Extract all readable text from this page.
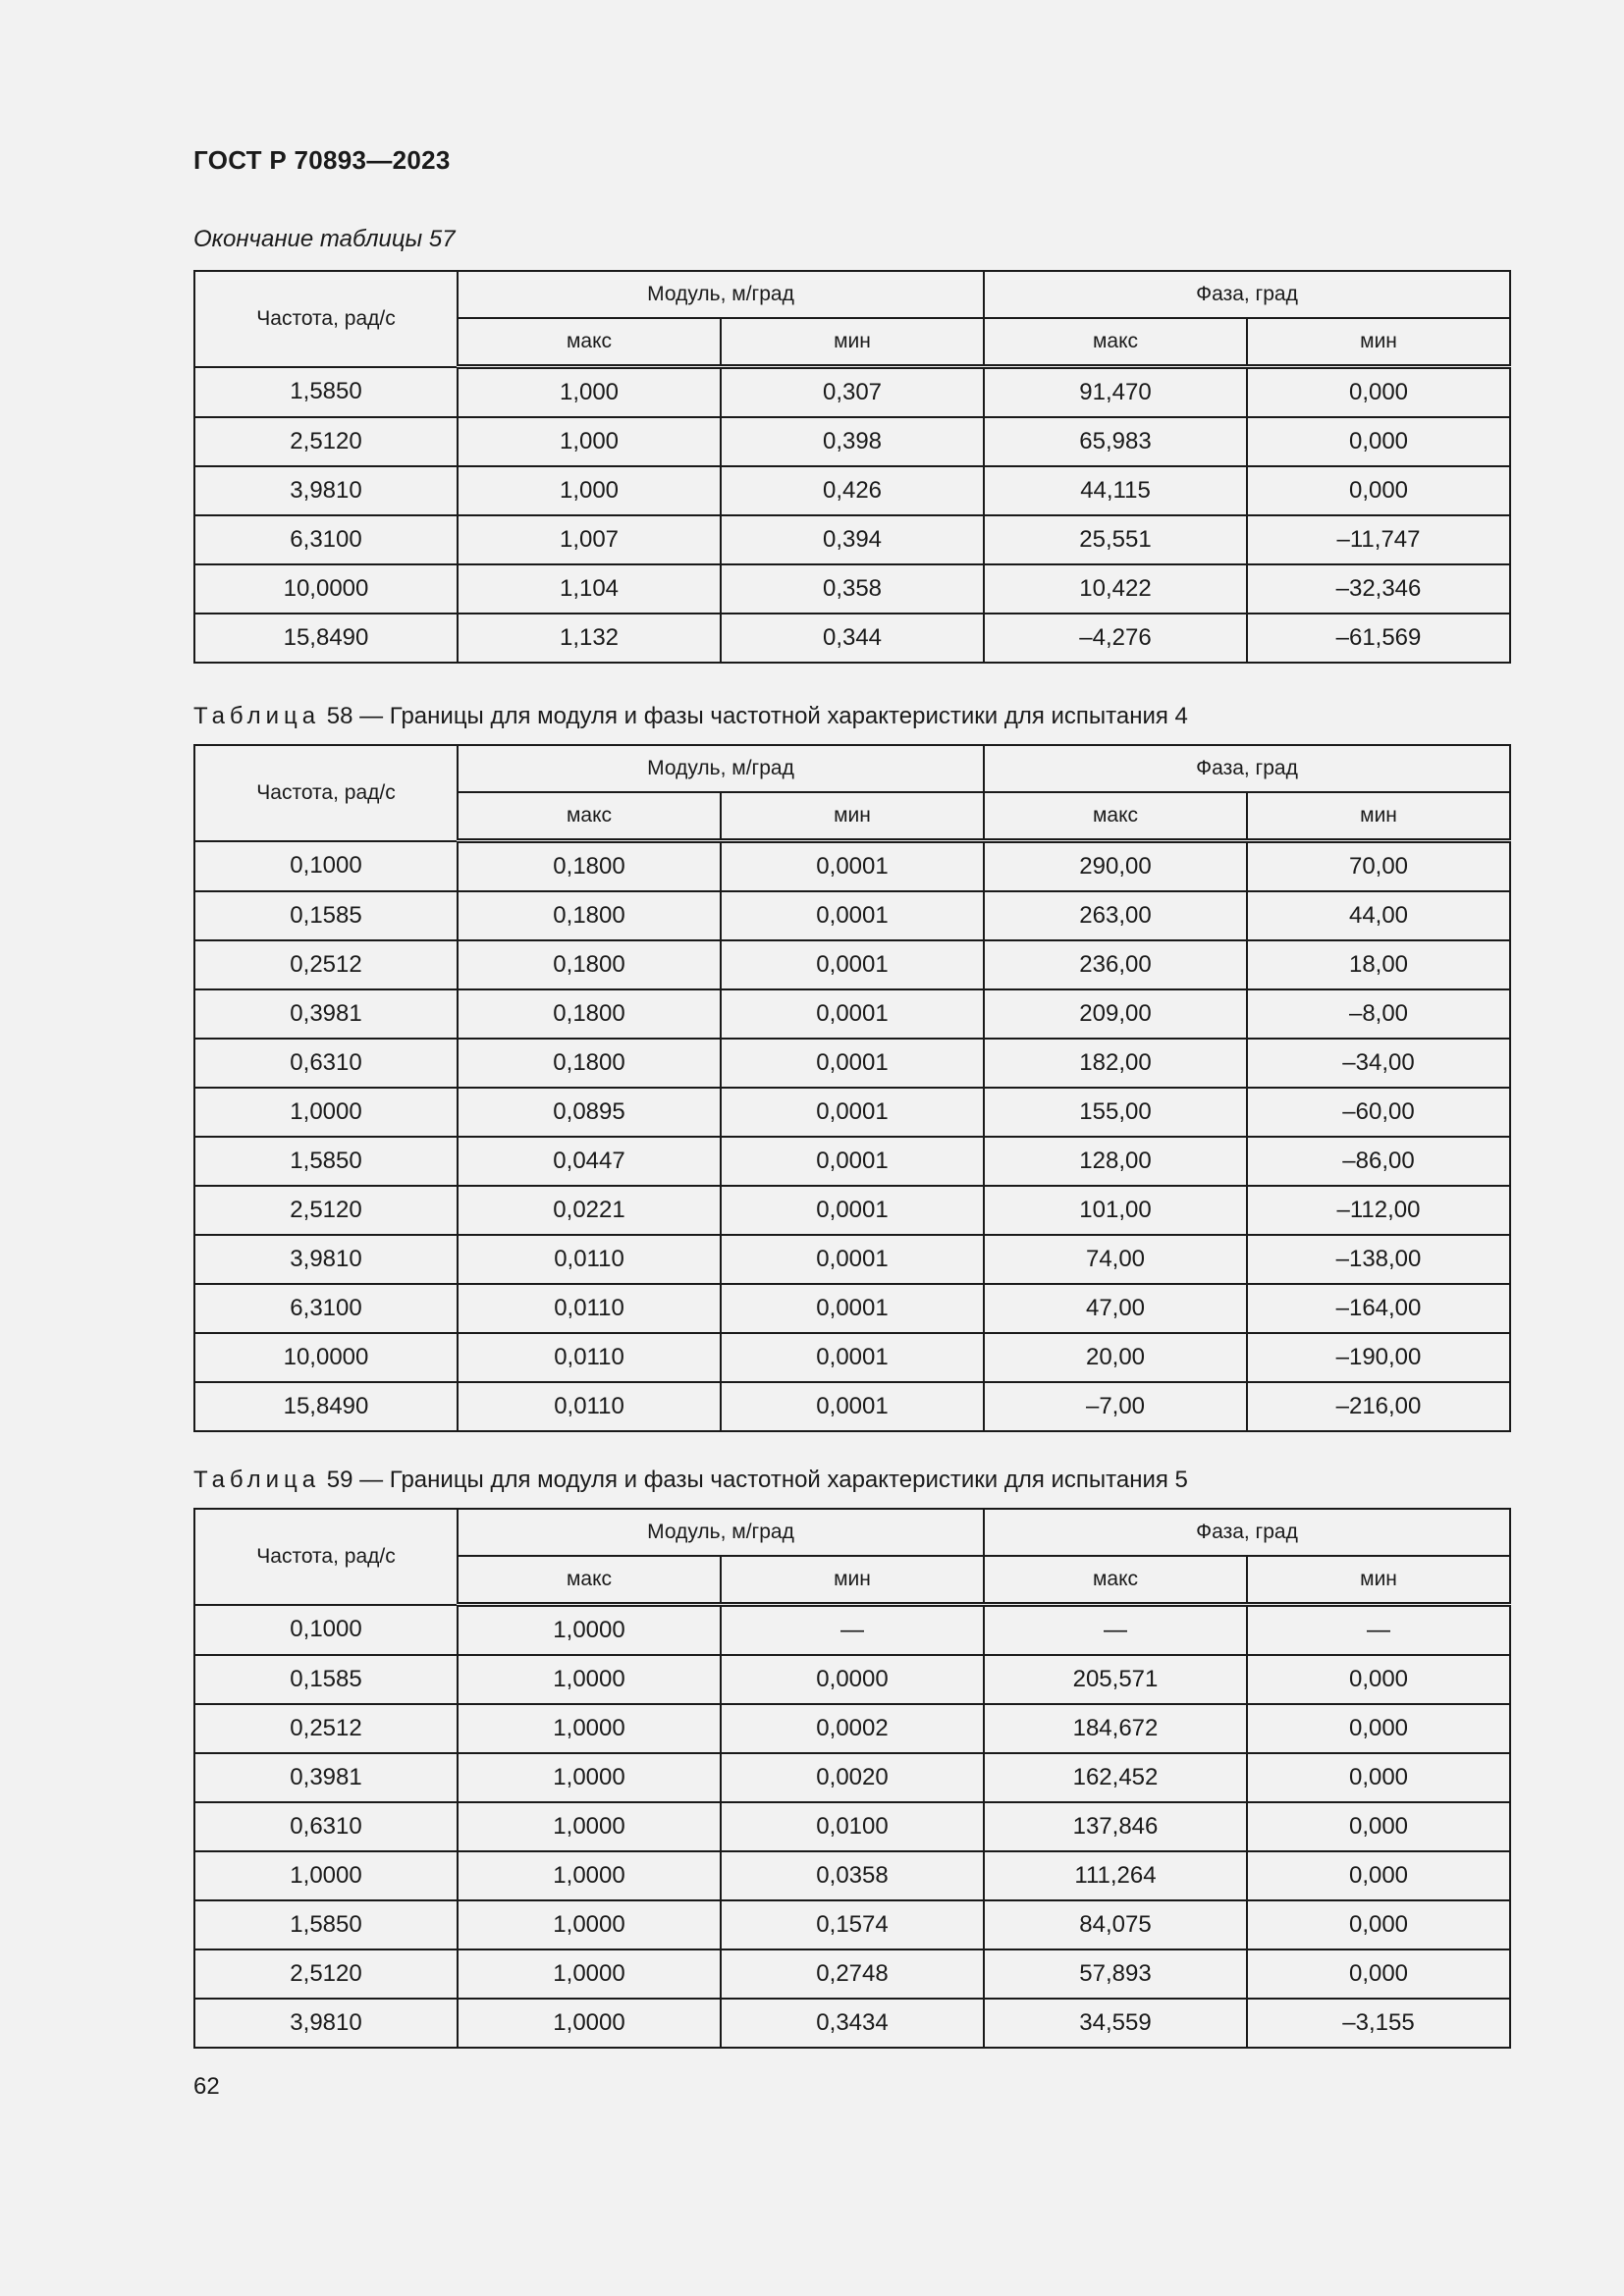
ГОСТ Р 70893—2023
Окончание таблицы 57
Частота, рад/с	Модуль, м/град		Фаза, град	
	макс	мин	макс	мин
1,5850	1,000	0,307	91,470	0,000
2,5120	1,000	0,398	65,983	0,000
3,9810	1,000	0,426	44,115	0,000
6,3100	1,007	0,394	25,551	–11,747
10,0000	1,104	0,358	10,422	–32,346
15,8490	1,132	0,344	–4,276	–61,569
Таблица 58 — Границы для модуля и фазы частотной характеристики для испытания 4
Частота, рад/с	Модуль, м/град		Фаза, град	
	макс	мин	макс	мин
0,1000	0,1800	0,0001	290,00	70,00
0,1585	0,1800	0,0001	263,00	44,00
0,2512	0,1800	0,0001	236,00	18,00
0,3981	0,1800	0,0001	209,00	–8,00
0,6310	0,1800	0,0001	182,00	–34,00
1,0000	0,0895	0,0001	155,00	–60,00
1,5850	0,0447	0,0001	128,00	–86,00
2,5120	0,0221	0,0001	101,00	–112,00
3,9810	0,0110	0,0001	74,00	–138,00
6,3100	0,0110	0,0001	47,00	–164,00
10,0000	0,0110	0,0001	20,00	–190,00
15,8490	0,0110	0,0001	–7,00	–216,00
Таблица 59 — Границы для модуля и фазы частотной характеристики для испытания 5
Частота, рад/с	Модуль, м/град		Фаза, град	
	макс	мин	макс	мин
0,1000	1,0000	—	—	—
0,1585	1,0000	0,0000	205,571	0,000
0,2512	1,0000	0,0002	184,672	0,000
0,3981	1,0000	0,0020	162,452	0,000
0,6310	1,0000	0,0100	137,846	0,000
1,0000	1,0000	0,0358	111,264	0,000
1,5850	1,0000	0,1574	84,075	0,000
2,5120	1,0000	0,2748	57,893	0,000
3,9810	1,0000	0,3434	34,559	–3,155
62
